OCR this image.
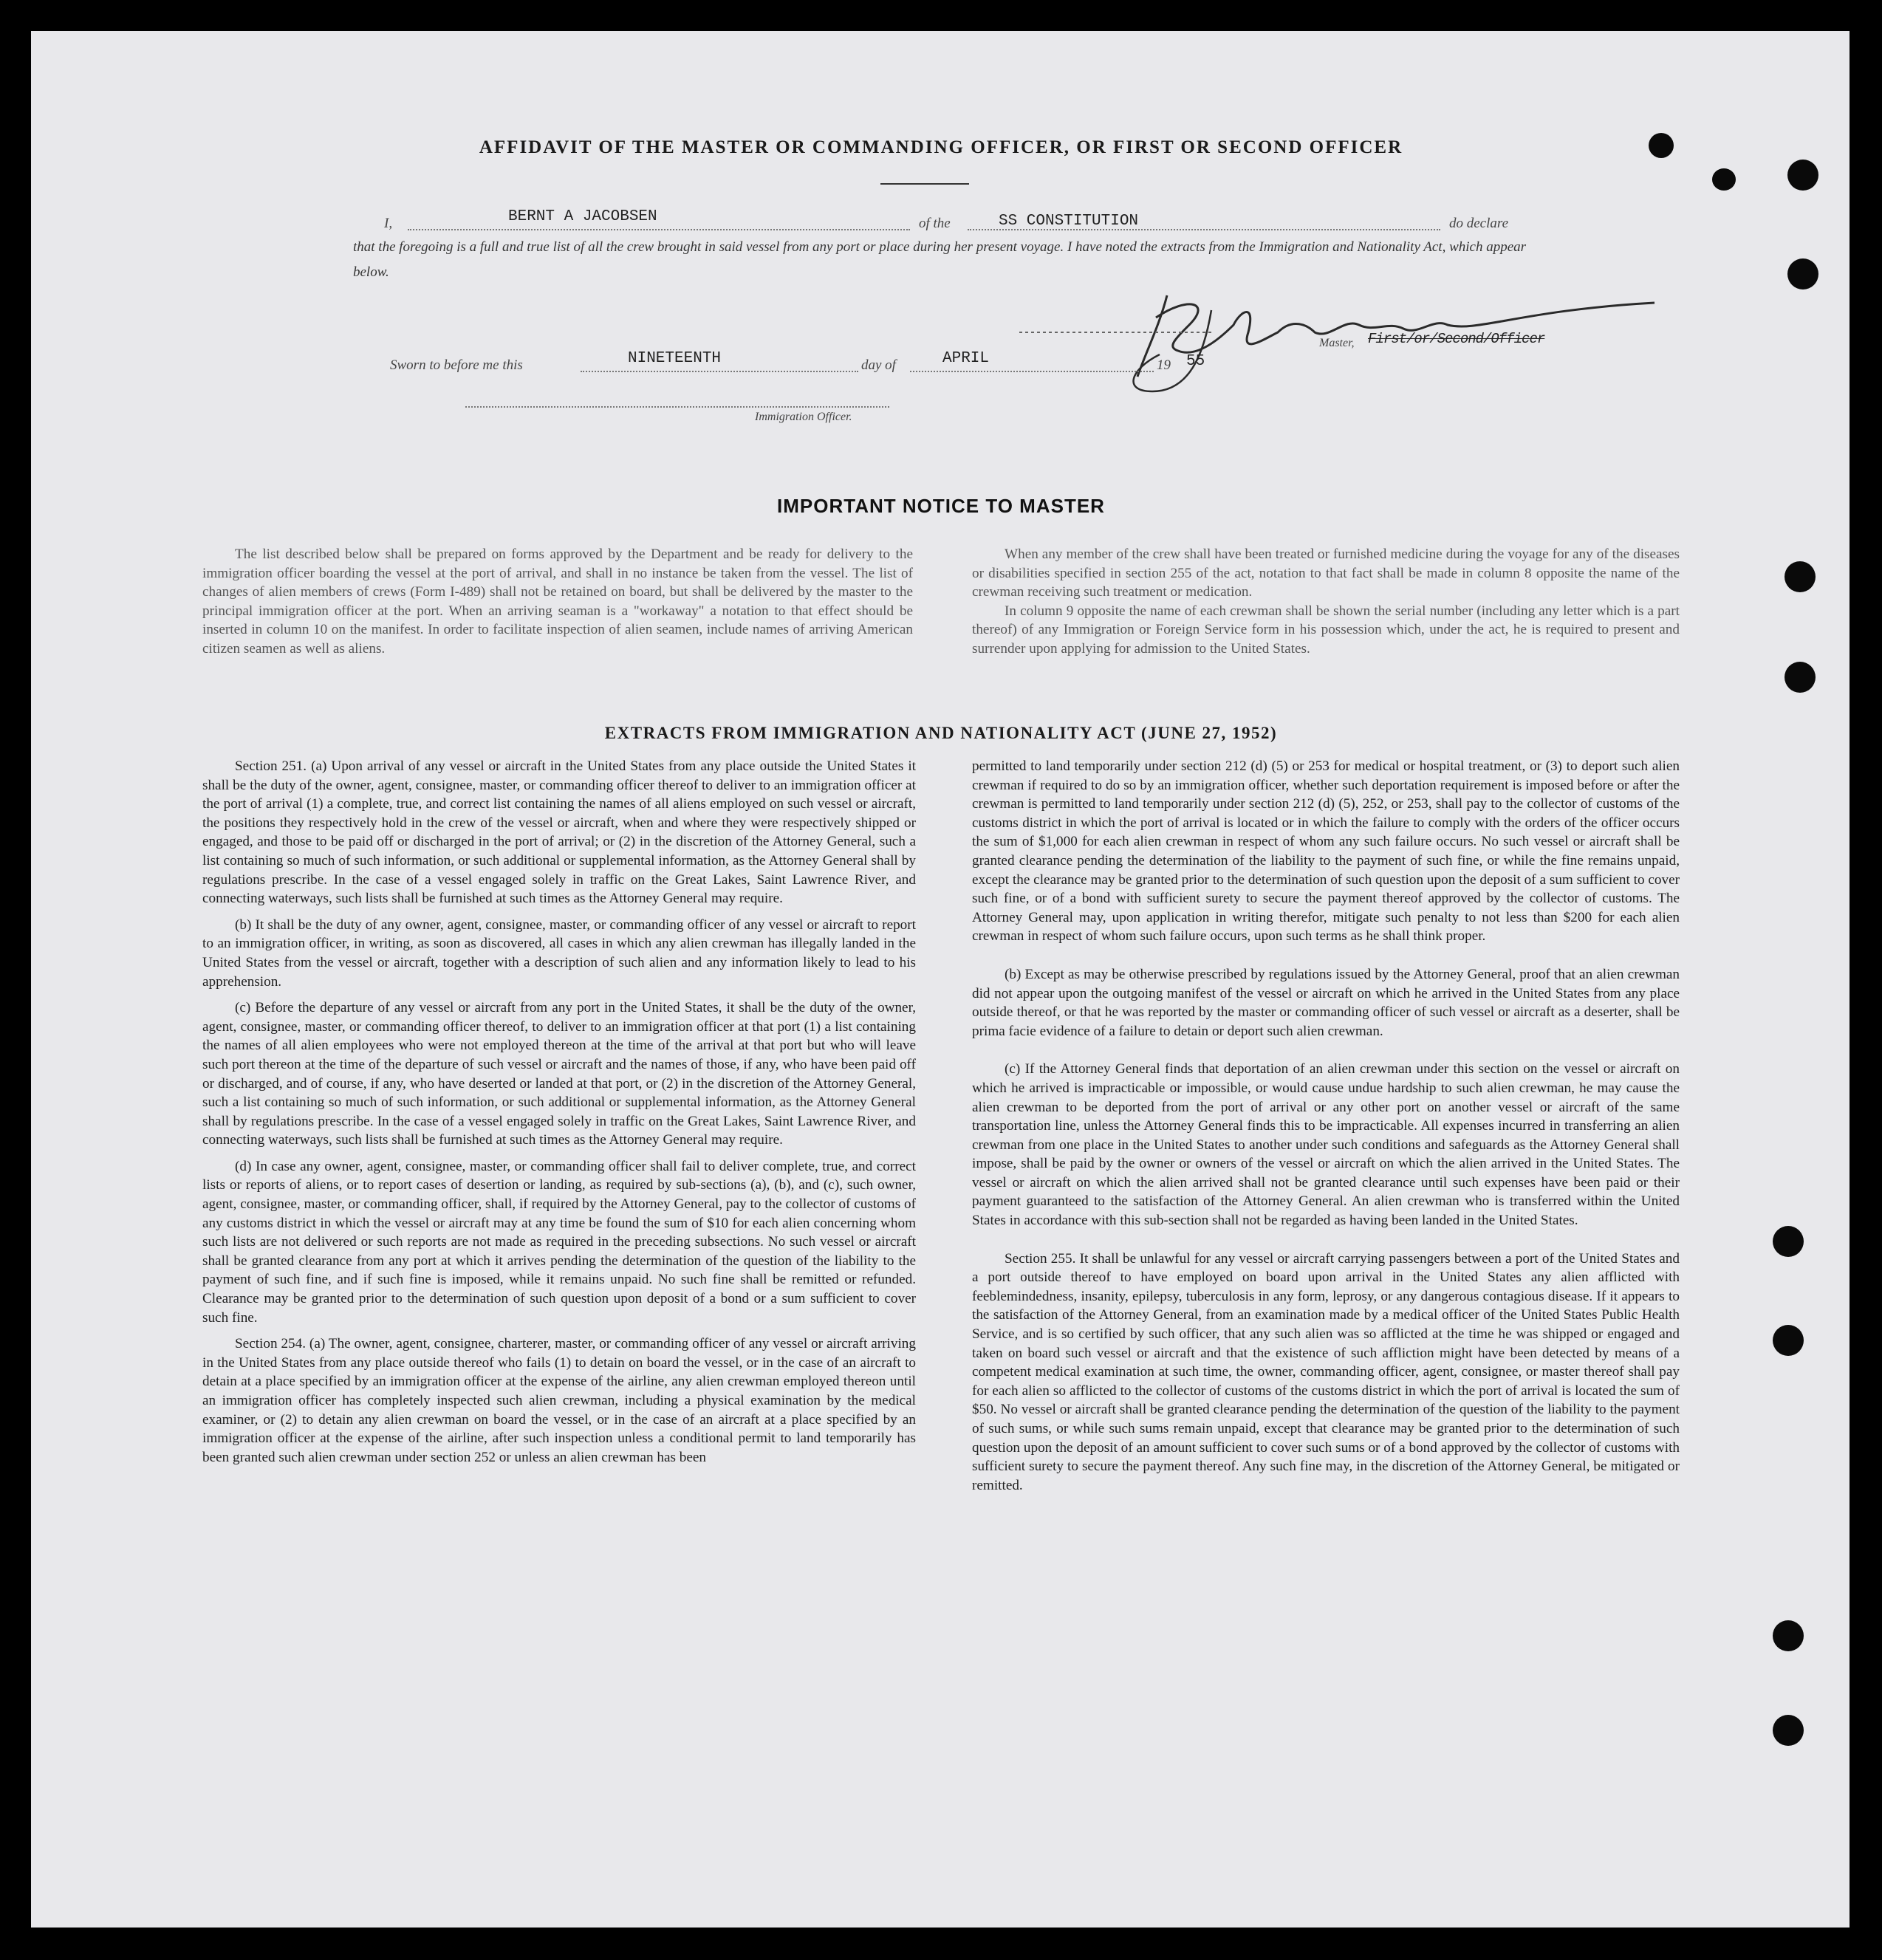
AFFIDAVIT OF THE MASTER OR COMMANDING OFFICER, OR FIRST OR SECOND OFFICER
I,	BERNT A JACOBSEN	of the	SS CONSTITUTION	do declare
that the foregoing is a full and true list of all the crew brought in said vessel from any port or place during her present voyage. I have noted the extracts from the Immigration and Nationality Act, which appear below.
Master, First/or/Second/Officer
Sworn to before me this	NINETEENTH	day of	APRIL	19 55
Immigration Officer.
IMPORTANT NOTICE TO MASTER

The list described below shall be prepared on forms approved by the Department and be ready for delivery to the immigration officer boarding the vessel at the port of arrival, and shall in no instance be taken from the vessel. The list of changes of alien members of crews (Form I-489) shall not be retained on board, but shall be delivered by the master to the principal immigration officer at the port. When an arriving seaman is a "workaway" a notation to that effect should be inserted in column 10 on the manifest. In order to facilitate inspection of alien seamen, include names of arriving American citizen seamen as well as aliens.

When any member of the crew shall have been treated or furnished medicine during the voyage for any of the diseases or disabilities specified in section 255 of the act, notation to that fact shall be made in column 8 opposite the name of the crewman receiving such treatment or medication.

In column 9 opposite the name of each crewman shall be shown the serial number (including any letter which is a part thereof) of any Immigration or Foreign Service form in his possession which, under the act, he is required to present and surrender upon applying for admission to the United States.

EXTRACTS FROM IMMIGRATION AND NATIONALITY ACT (JUNE 27, 1952)

Section 251. (a) Upon arrival of any vessel or aircraft in the United States from any place outside the United States it shall be the duty of the owner, agent, consignee, master, or commanding officer thereof to deliver to an immigration officer at the port of arrival (1) a complete, true, and correct list containing the names of all aliens employed on such vessel or aircraft, the positions they respectively hold in the crew of the vessel or aircraft, when and where they were respectively shipped or engaged, and those to be paid off or discharged in the port of arrival; or (2) in the discretion of the Attorney General, such a list containing so much of such information, or such additional or supplemental information, as the Attorney General shall by regulations prescribe. In the case of a vessel engaged solely in traffic on the Great Lakes, Saint Lawrence River, and connecting waterways, such lists shall be furnished at such times as the Attorney General may require.

(b) It shall be the duty of any owner, agent, consignee, master, or commanding officer of any vessel or aircraft to report to an immigration officer, in writing, as soon as discovered, all cases in which any alien crewman has illegally landed in the United States from the vessel or aircraft, together with a description of such alien and any information likely to lead to his apprehension.

(c) Before the departure of any vessel or aircraft from any port in the United States, it shall be the duty of the owner, agent, consignee, master, or commanding officer thereof, to deliver to an immigration officer at that port (1) a list containing the names of all alien employees who were not employed thereon at the time of the arrival at that port but who will leave such port thereon at the time of the departure of such vessel or aircraft and the names of those, if any, who have been paid off or discharged, and of course, if any, who have deserted or landed at that port, or (2) in the discretion of the Attorney General, such a list containing so much of such information, or such additional or supplemental information, as the Attorney General shall by regulations prescribe. In the case of a vessel engaged solely in traffic on the Great Lakes, Saint Lawrence River, and connecting waterways, such lists shall be furnished at such times as the Attorney General may require.

(d) In case any owner, agent, consignee, master, or commanding officer shall fail to deliver complete, true, and correct lists or reports of aliens, or to report cases of desertion or landing, as required by sub-sections (a), (b), and (c), such owner, agent, consignee, master, or commanding officer, shall, if required by the Attorney General, pay to the collector of customs of any customs district in which the vessel or aircraft may at any time be found the sum of $10 for each alien concerning whom such lists are not delivered or such reports are not made as required in the preceding subsections. No such vessel or aircraft shall be granted clearance from any port at which it arrives pending the determination of the question of the liability to the payment of such fine, and if such fine is imposed, while it remains unpaid. No such fine shall be remitted or refunded. Clearance may be granted prior to the determination of such question upon deposit of a bond or a sum sufficient to cover such fine.

Section 254. (a) The owner, agent, consignee, charterer, master, or commanding officer of any vessel or aircraft arriving in the United States from any place outside thereof who fails (1) to detain on board the vessel, or in the case of an aircraft to detain at a place specified by an immigration officer at the expense of the airline, any alien crewman employed thereon until an immigration officer has completely inspected such alien crewman, including a physical examination by the medical examiner, or (2) to detain any alien crewman on board the vessel, or in the case of an aircraft at a place specified by an immigration officer at the expense of the airline, after such inspection unless a conditional permit to land temporarily has been granted such alien crewman under section 252 or unless an alien crewman has been

permitted to land temporarily under section 212 (d) (5) or 253 for medical or hospital treatment, or (3) to deport such alien crewman if required to do so by an immigration officer, whether such deportation requirement is imposed before or after the crewman is permitted to land temporarily under section 212 (d) (5), 252, or 253, shall pay to the collector of customs of the customs district in which the port of arrival is located or in which the failure to comply with the orders of the officer occurs the sum of $1,000 for each alien crewman in respect of whom any such failure occurs. No such vessel or aircraft shall be granted clearance pending the determination of the liability to the payment of such fine, or while the fine remains unpaid, except the clearance may be granted prior to the determination of such question upon the deposit of a sum sufficient to cover such fine, or of a bond with sufficient surety to secure the payment thereof approved by the collector of customs. The Attorney General may, upon application in writing therefor, mitigate such penalty to not less than $200 for each alien crewman in respect of whom such failure occurs, upon such terms as he shall think proper.

(b) Except as may be otherwise prescribed by regulations issued by the Attorney General, proof that an alien crewman did not appear upon the outgoing manifest of the vessel or aircraft on which he arrived in the United States from any place outside thereof, or that he was reported by the master or commanding officer of such vessel or aircraft as a deserter, shall be prima facie evidence of a failure to detain or deport such alien crewman.

(c) If the Attorney General finds that deportation of an alien crewman under this section on the vessel or aircraft on which he arrived is impracticable or impossible, or would cause undue hardship to such alien crewman, he may cause the alien crewman to be deported from the port of arrival or any other port on another vessel or aircraft of the same transportation line, unless the Attorney General finds this to be impracticable. All expenses incurred in transferring an alien crewman from one place in the United States to another under such conditions and safeguards as the Attorney General shall impose, shall be paid by the owner or owners of the vessel or aircraft on which the alien arrived in the United States. The vessel or aircraft on which the alien arrived shall not be granted clearance until such expenses have been paid or their payment guaranteed to the satisfaction of the Attorney General. An alien crewman who is transferred within the United States in accordance with this sub-section shall not be regarded as having been landed in the United States.

Section 255. It shall be unlawful for any vessel or aircraft carrying passengers between a port of the United States and a port outside thereof to have employed on board upon arrival in the United States any alien afflicted with feeblemindedness, insanity, epilepsy, tuberculosis in any form, leprosy, or any dangerous contagious disease. If it appears to the satisfaction of the Attorney General, from an examination made by a medical officer of the United States Public Health Service, and is so certified by such officer, that any such alien was so afflicted at the time he was shipped or engaged and taken on board such vessel or aircraft and that the existence of such affliction might have been detected by means of a competent medical examination at such time, the owner, commanding officer, agent, consignee, or master thereof shall pay for each alien so afflicted to the collector of customs of the customs district in which the port of arrival is located the sum of $50. No vessel or aircraft shall be granted clearance pending the determination of the question of the liability to the payment of such sums, or while such sums remain unpaid, except that clearance may be granted prior to the determination of such question upon the deposit of an amount sufficient to cover such sums or of a bond approved by the collector of customs with sufficient surety to secure the payment thereof. Any such fine may, in the discretion of the Attorney General, be mitigated or remitted.
